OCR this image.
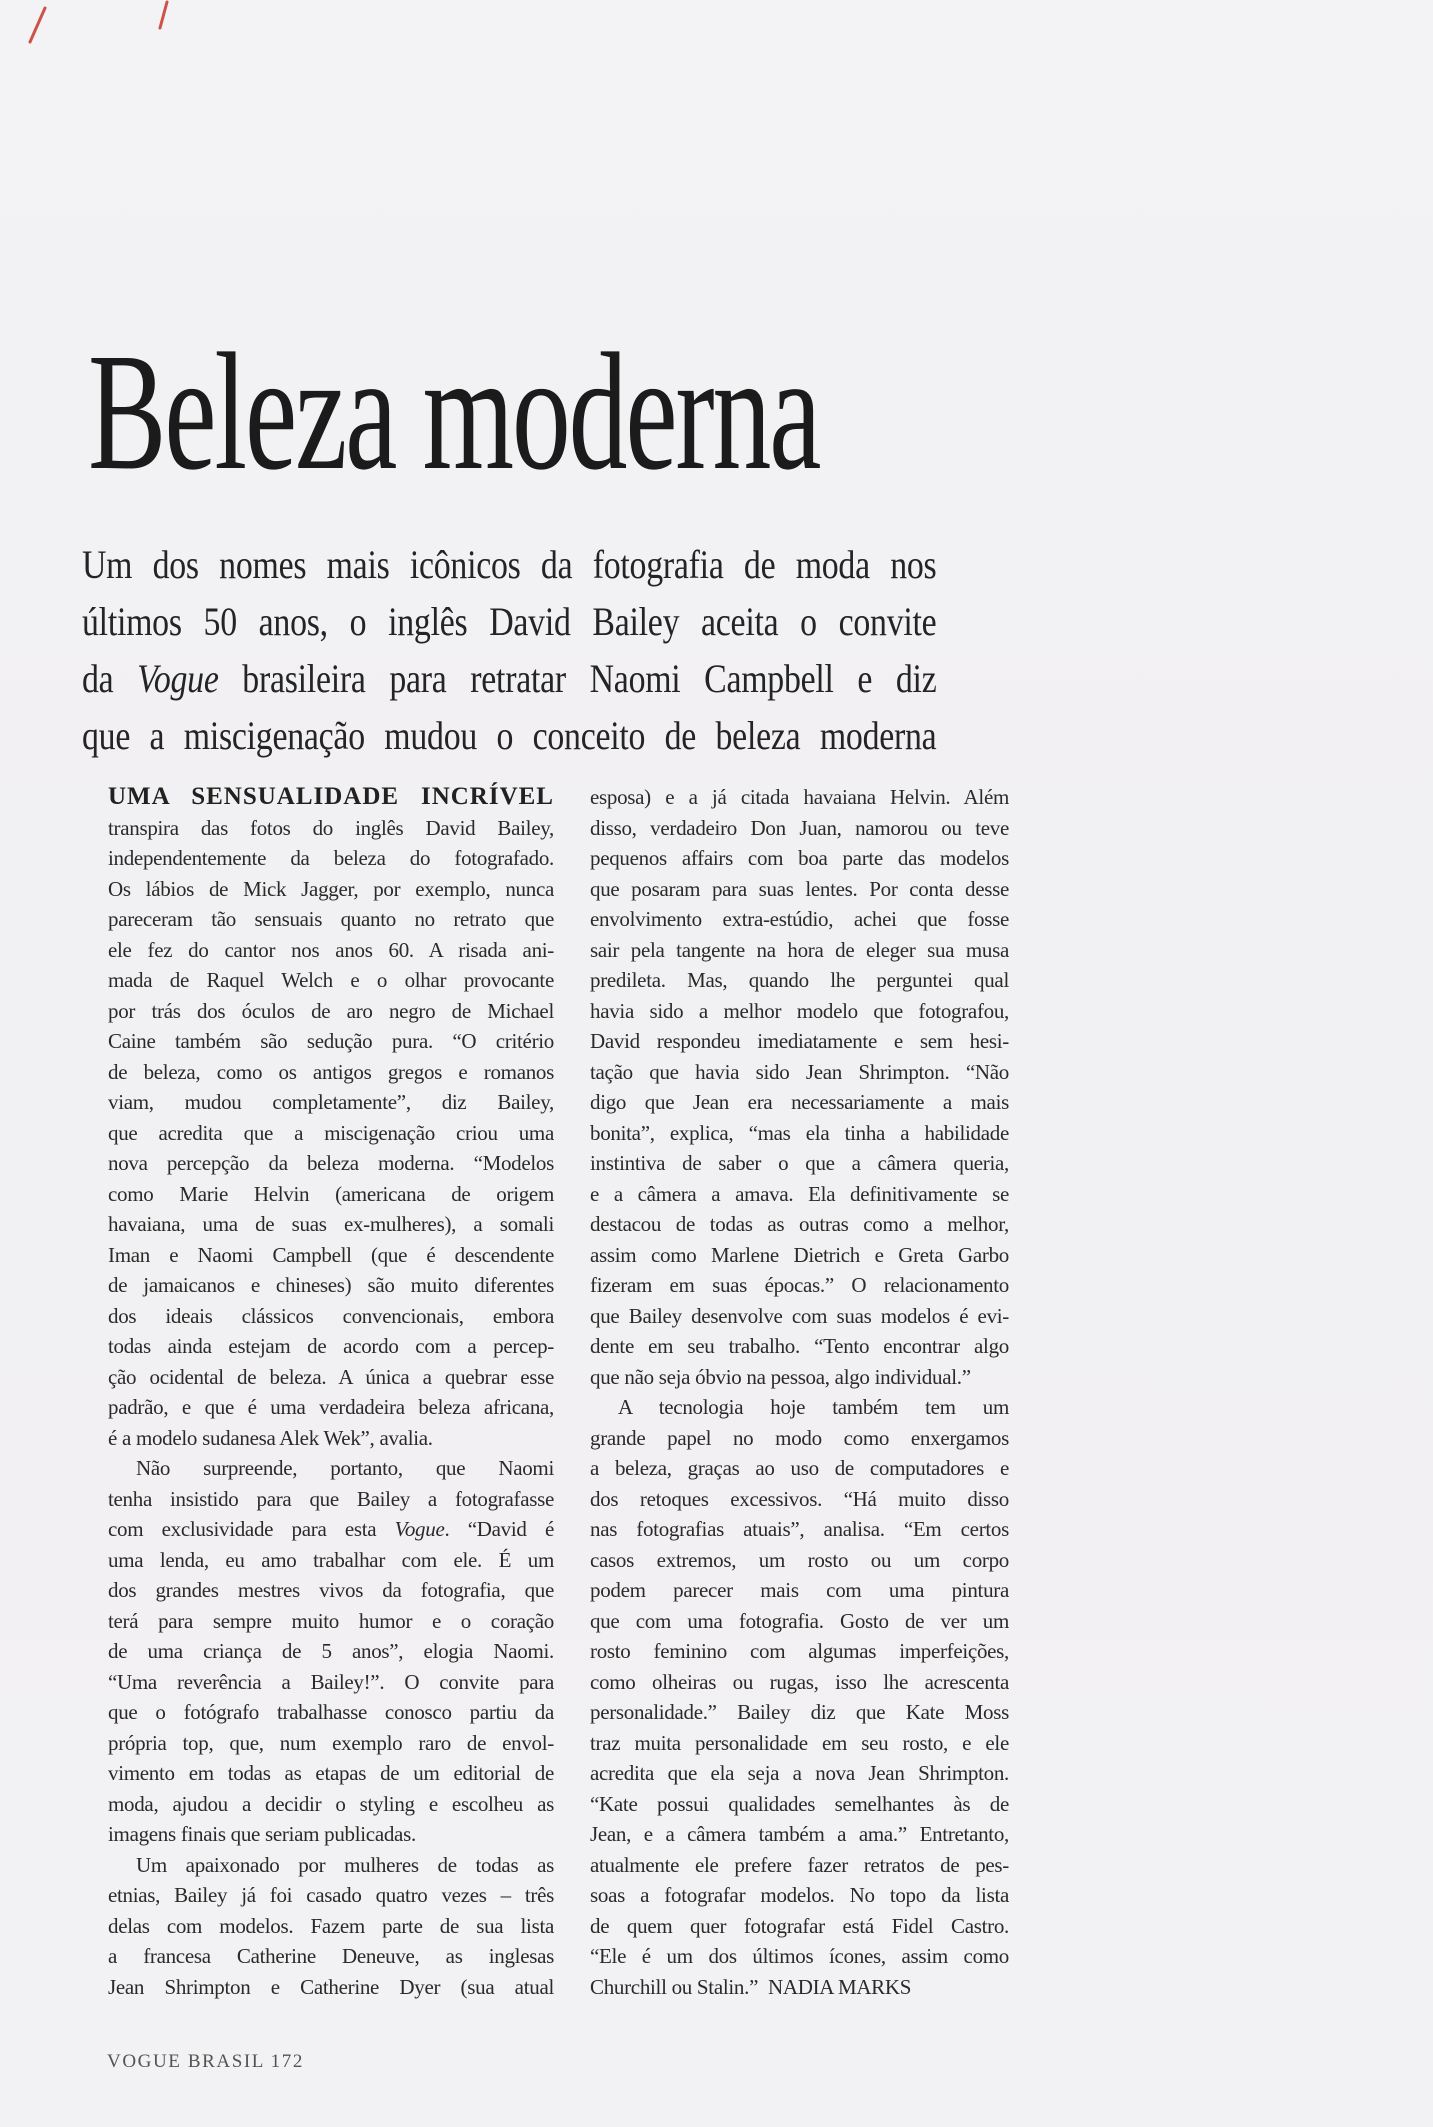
Beleza moderna
Um dos nomes mais icônicos da fotografia de moda nos
últimos 50 anos, o inglês David Bailey aceita o convite
da Vogue brasileira para retratar Naomi Campbell e diz
que a miscigenação mudou o conceito de beleza moderna
UMA SENSUALIDADE INCRÍVEL
transpira das fotos do inglês David Bailey,
independentemente da beleza do fotografado.
Os lábios de Mick Jagger, por exemplo, nunca
pareceram tão sensuais quanto no retrato que
ele fez do cantor nos anos 60. A risada ani-
mada de Raquel Welch e o olhar provocante
por trás dos óculos de aro negro de Michael
Caine também são sedução pura. “O critério
de beleza, como os antigos gregos e romanos
viam, mudou completamente”, diz Bailey,
que acredita que a miscigenação criou uma
nova percepção da beleza moderna. “Modelos
como Marie Helvin (americana de origem
havaiana, uma de suas ex-mulheres), a somali
Iman e Naomi Campbell (que é descendente
de jamaicanos e chineses) são muito diferentes
dos ideais clássicos convencionais, embora
todas ainda estejam de acordo com a percep-
ção ocidental de beleza. A única a quebrar esse
padrão, e que é uma verdadeira beleza africana,
é a modelo sudanesa Alek Wek”, avalia.
Não surpreende, portanto, que Naomi
tenha insistido para que Bailey a fotografasse
com exclusividade para esta Vogue. “David é
uma lenda, eu amo trabalhar com ele. É um
dos grandes mestres vivos da fotografia, que
terá para sempre muito humor e o coração
de uma criança de 5 anos”, elogia Naomi.
“Uma reverência a Bailey!”. O convite para
que o fotógrafo trabalhasse conosco partiu da
própria top, que, num exemplo raro de envol-
vimento em todas as etapas de um editorial de
moda, ajudou a decidir o styling e escolheu as
imagens finais que seriam publicadas.
Um apaixonado por mulheres de todas as
etnias, Bailey já foi casado quatro vezes – três
delas com modelos. Fazem parte de sua lista
a francesa Catherine Deneuve, as inglesas
Jean Shrimpton e Catherine Dyer (sua atual
esposa) e a já citada havaiana Helvin. Além
disso, verdadeiro Don Juan, namorou ou teve
pequenos affairs com boa parte das modelos
que posaram para suas lentes. Por conta desse
envolvimento extra-estúdio, achei que fosse
sair pela tangente na hora de eleger sua musa
predileta. Mas, quando lhe perguntei qual
havia sido a melhor modelo que fotografou,
David respondeu imediatamente e sem hesi-
tação que havia sido Jean Shrimpton. “Não
digo que Jean era necessariamente a mais
bonita”, explica, “mas ela tinha a habilidade
instintiva de saber o que a câmera queria,
e a câmera a amava. Ela definitivamente se
destacou de todas as outras como a melhor,
assim como Marlene Dietrich e Greta Garbo
fizeram em suas épocas.” O relacionamento
que Bailey desenvolve com suas modelos é evi-
dente em seu trabalho. “Tento encontrar algo
que não seja óbvio na pessoa, algo individual.”
A tecnologia hoje também tem um
grande papel no modo como enxergamos
a beleza, graças ao uso de computadores e
dos retoques excessivos. “Há muito disso
nas fotografias atuais”, analisa. “Em certos
casos extremos, um rosto ou um corpo
podem parecer mais com uma pintura
que com uma fotografia. Gosto de ver um
rosto feminino com algumas imperfeições,
como olheiras ou rugas, isso lhe acrescenta
personalidade.” Bailey diz que Kate Moss
traz muita personalidade em seu rosto, e ele
acredita que ela seja a nova Jean Shrimpton.
“Kate possui qualidades semelhantes às de
Jean, e a câmera também a ama.” Entretanto,
atualmente ele prefere fazer retratos de pes-
soas a fotografar modelos. No topo da lista
de quem quer fotografar está Fidel Castro.
“Ele é um dos últimos ícones, assim como
Churchill ou Stalin.”  NADIA MARKS
VOGUE BRASIL 172
